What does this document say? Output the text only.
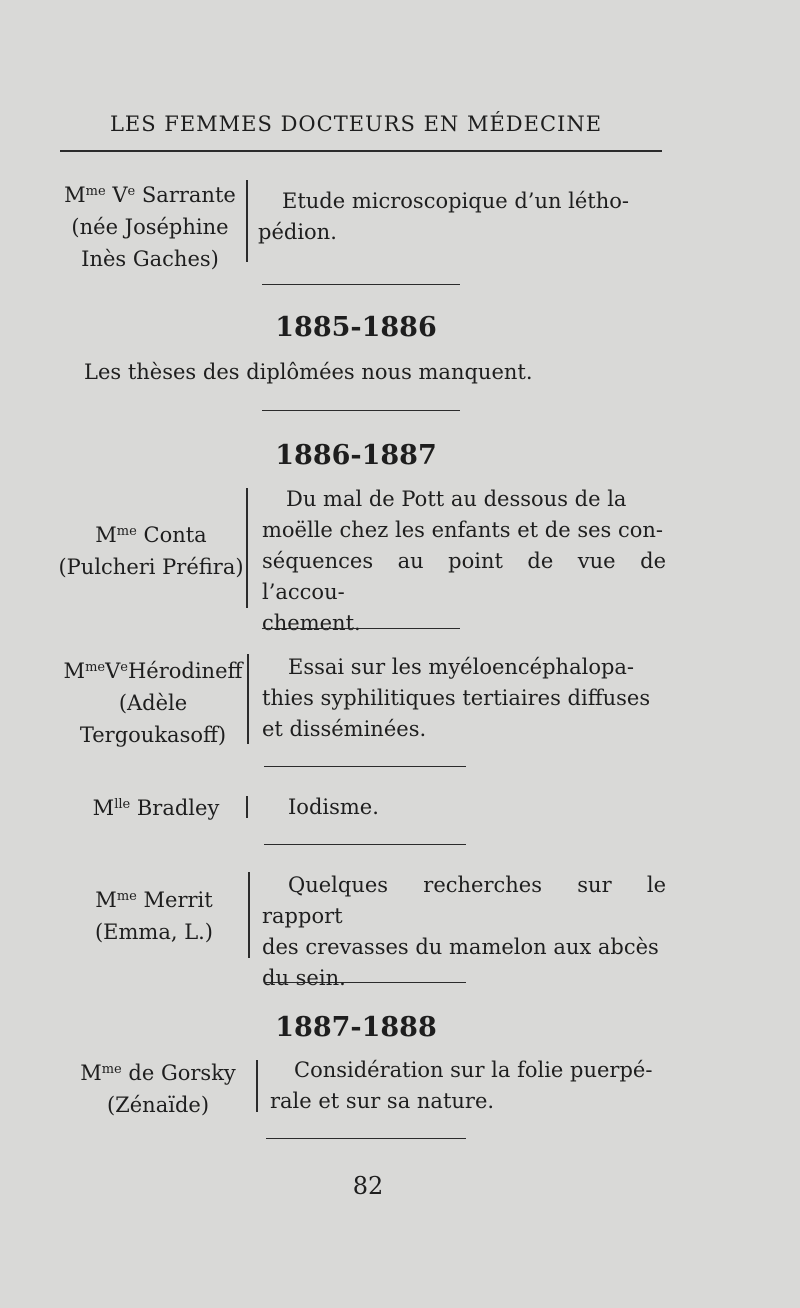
LES FEMMES DOCTEURS EN MÉDECINE
$M^{me}$ Ve Sarrante
(née Joséphine
Inès Gaches)
Etude microscopique d’un létho-
pédion.
1885-1886
Les thèses des diplômées nous manquent.
1886-1887
$M^{me}$ Conta
(Pulcheri Préfira)
Du mal de Pott au dessous de la
moëlle chez les enfants et de ses con-
séquences au point de vue de l’accou-
chement.
$M^{me}VeHérodineff$
(Adèle
Tergoukasoff)
Essai sur les myéloencéphalopa-
thies syphilitiques tertiaires diffuses
et disséminées.
$M^{lle}$ Bradley	Iodisme.
$M^{me}$ Merrit
(Emma, L.)
Quelques recherches sur le rapport
des crevasses du mamelon aux abcès
du sein.
1887-1888
$M^{me}$ de Gorsky
(Zénaïde)
Considération sur la folie puerpé-
rale et sur sa nature.
82
